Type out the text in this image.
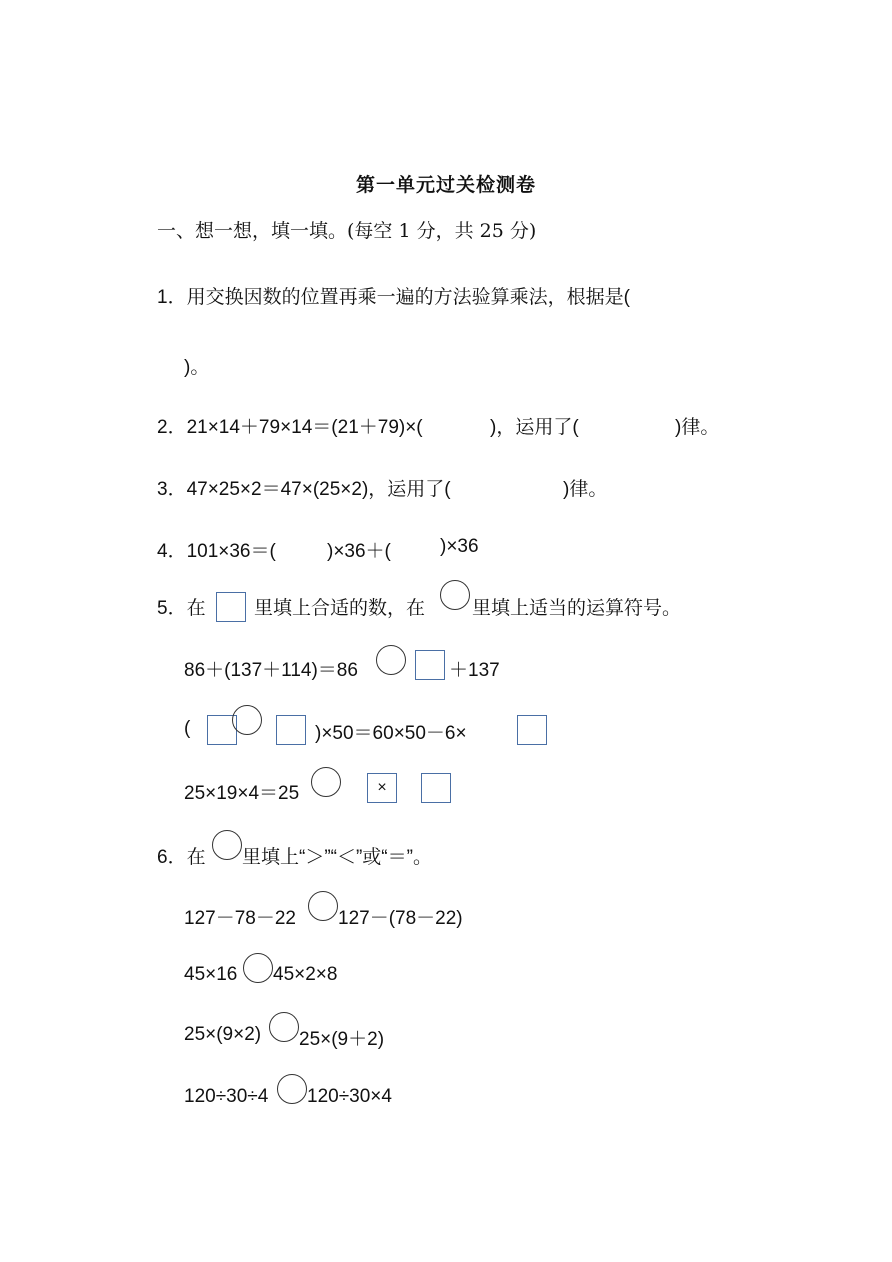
第一单元过关检测卷
一、想一想，填一填。(每空 1 分，共 25 分)
1．用交换因数的位置再乘一遍的方法验算乘法，根据是(
)。
2．21×14＋79×14＝(21＋79)×(	)，运用了(	)律。
3．47×25×2＝47×(25×2)，运用了(	)律。
4．101×36＝(	)×36＋(	)×36
5．在	里填上合适的数，在 里填上适当的运算符号。
86＋(137＋114)＝86	＋137
(	)×50＝60×50－6×
25×19×4＝25	×
6．在 里填上“＞”“＜”或“＝”。
127－78－22 127－(78－22)
45×16 45×2×8
25×(9×2) 25×(9＋2)
120÷30÷4 120÷30×4
